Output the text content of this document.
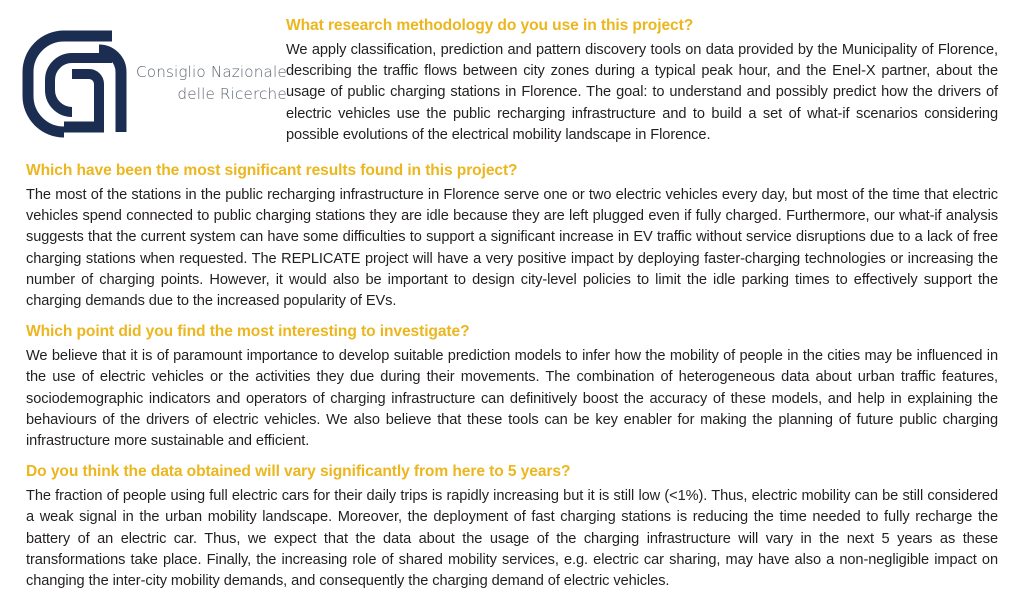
Consiglio Nazionale
delle Ricerche
What research methodology do you use in this project?
We apply classification, prediction and pattern discovery tools on data provided by the Municipality of Florence, describing the traffic flows between city zones during a typical peak hour, and the Enel-X partner, about the usage of public charging stations in Florence. The goal: to understand and possibly predict how the drivers of electric vehicles use the public recharging infrastructure and to build a set of what-if scenarios considering possible evolutions of the electrical mobility landscape in Florence.
Which have been the most significant results found in this project?
The most of the stations in the public recharging infrastructure in Florence serve one or two electric vehicles every day, but most of the time that electric vehicles spend connected to public charging stations they are idle because they are left plugged even if fully charged. Furthermore, our what-if analysis suggests that the current system can have some difficulties to support a significant increase in EV traffic without service disruptions due to a lack of free charging stations when requested. The REPLICATE project will have a very positive impact by deploying faster-charging technologies or increasing the number of charging points. However, it would also be important to design city-level policies to limit the idle parking times to effectively support the charging demands due to the increased popularity of EVs.
Which point did you find the most interesting to investigate?
We believe that it is of paramount importance to develop suitable prediction models to infer how the mobility of people in the cities may be influenced in the use of electric vehicles or the activities they due during their movements. The combination of heterogeneous data about urban traffic features, sociodemographic indicators and operators of charging infrastructure can definitively boost the accuracy of these models, and help in explaining the behaviours of the drivers of electric vehicles. We also believe that these tools can be key enabler for making the planning of future public charging infrastructure more sustainable and efficient.
Do you think the data obtained will vary significantly from here to 5 years?
The fraction of people using full electric cars for their daily trips is rapidly increasing but it is still low (<1%). Thus, electric mobility can be still considered a weak signal in the urban mobility landscape. Moreover, the deployment of fast charging stations is reducing the time needed to fully recharge the battery of an electric car. Thus, we expect that the data about the usage of the charging infrastructure will vary in the next 5 years as these transformations take place. Finally, the increasing role of shared mobility services, e.g. electric car sharing, may have also a non-negligible impact on changing the inter-city mobility demands, and consequently the charging demand of electric vehicles.
